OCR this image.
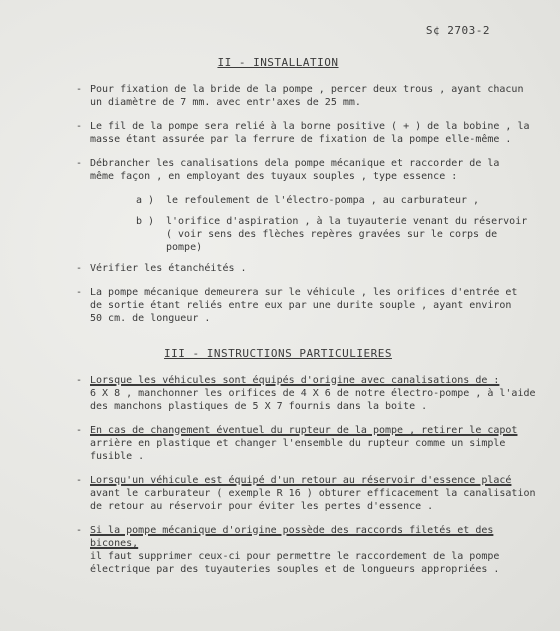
S¢ 2703-2
II - INSTALLATION
- Pour fixation de la bride de la pompe , percer deux trous , ayant chacun

un diamètre de 7 mm. avec entr'axes de 25 mm.

- Le fil de la pompe sera relié à la borne positive ( + ) de la bobine , la

masse étant assurée par la ferrure de fixation de la pompe elle-même .

- Débrancher les canalisations dela pompe mécanique et raccorder de la

même façon , en employant des tuyaux souples , type essence :

a ) le refoulement de l'électro-pompa , au carburateur ,

b ) l'orifice d'aspiration , à la tuyauterie venant du réservoir

( voir sens des flèches repères gravées sur le corps de pompe)

- Vérifier les étanchéités .

- La pompe mécanique demeurera sur le véhicule , les orifices d'entrée et

de sortie étant reliés entre eux par une durite souple , ayant environ

50 cm. de longueur .

III - INSTRUCTIONS PARTICULIERES
- Lorsque les véhicules sont équipés d'origine avec canalisations de :

6 X 8 , manchonner les orifices de 4 X 6 de notre électro-pompe , à l'aide

des manchons plastiques de 5 X 7 fournis dans la boite .

- En cas de changement éventuel du rupteur de la pompe , retirer le capot

arrière en plastique et changer l'ensemble du rupteur comme un simple

fusible .

- Lorsqu'un véhicule est équipé d'un retour au réservoir d'essence placé

avant le carburateur ( exemple R 16 ) obturer efficacement la canalisation

de retour au réservoir pour éviter les pertes d'essence .

- Si la pompe mécanique d'origine possède des raccords filetés et des bicones,

il faut supprimer ceux-ci pour permettre le raccordement de la pompe

électrique par des tuyauteries souples et de longueurs appropriées .
